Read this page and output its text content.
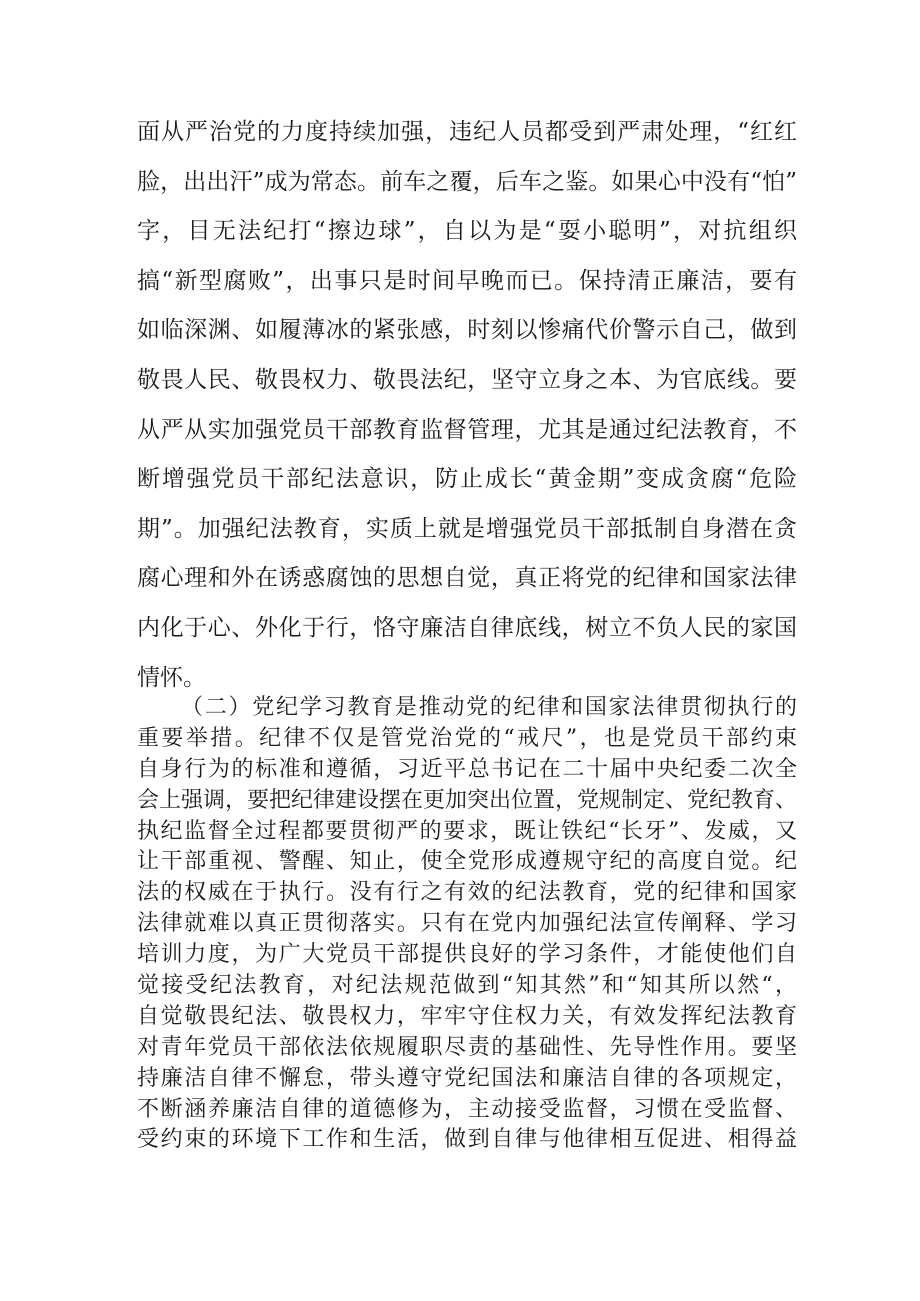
面从严治党的力度持续加强，违纪人员都受到严肃处理，“红红
脸，出出汗”成为常态。前车之覆，后车之鉴。如果心中没有“怕”
字，目无法纪打“擦边球”，自以为是“耍小聪明”，对抗组织
搞“新型腐败”，出事只是时间早晚而已。保持清正廉洁，要有
如临深渊、如履薄冰的紧张感，时刻以惨痛代价警示自己，做到
敬畏人民、敬畏权力、敬畏法纪，坚守立身之本、为官底线。要
从严从实加强党员干部教育监督管理，尤其是通过纪法教育，不
断增强党员干部纪法意识，防止成长“黄金期”变成贪腐“危险
期”。加强纪法教育，实质上就是增强党员干部抵制自身潜在贪
腐心理和外在诱惑腐蚀的思想自觉，真正将党的纪律和国家法律
内化于心、外化于行，恪守廉洁自律底线，树立不负人民的家国
情怀。
（二）党纪学习教育是推动党的纪律和国家法律贯彻执行的
重要举措。纪律不仅是管党治党的“戒尺”，也是党员干部约束
自身行为的标准和遵循，习近平总书记在二十届中央纪委二次全
会上强调，要把纪律建设摆在更加突出位置，党规制定、党纪教育、
执纪监督全过程都要贯彻严的要求，既让铁纪“长牙”、发威，又
让干部重视、警醒、知止，使全党形成遵规守纪的高度自觉。纪
法的权威在于执行。没有行之有效的纪法教育，党的纪律和国家
法律就难以真正贯彻落实。只有在党内加强纪法宣传阐释、学习
培训力度，为广大党员干部提供良好的学习条件，才能使他们自
觉接受纪法教育，对纪法规范做到“知其然”和“知其所以然“，
自觉敬畏纪法、敬畏权力，牢牢守住权力关，有效发挥纪法教育
对青年党员干部依法依规履职尽责的基础性、先导性作用。要坚
持廉洁自律不懈怠，带头遵守党纪国法和廉洁自律的各项规定，
不断涵养廉洁自律的道德修为，主动接受监督，习惯在受监督、
受约束的环境下工作和生活，做到自律与他律相互促进、相得益
